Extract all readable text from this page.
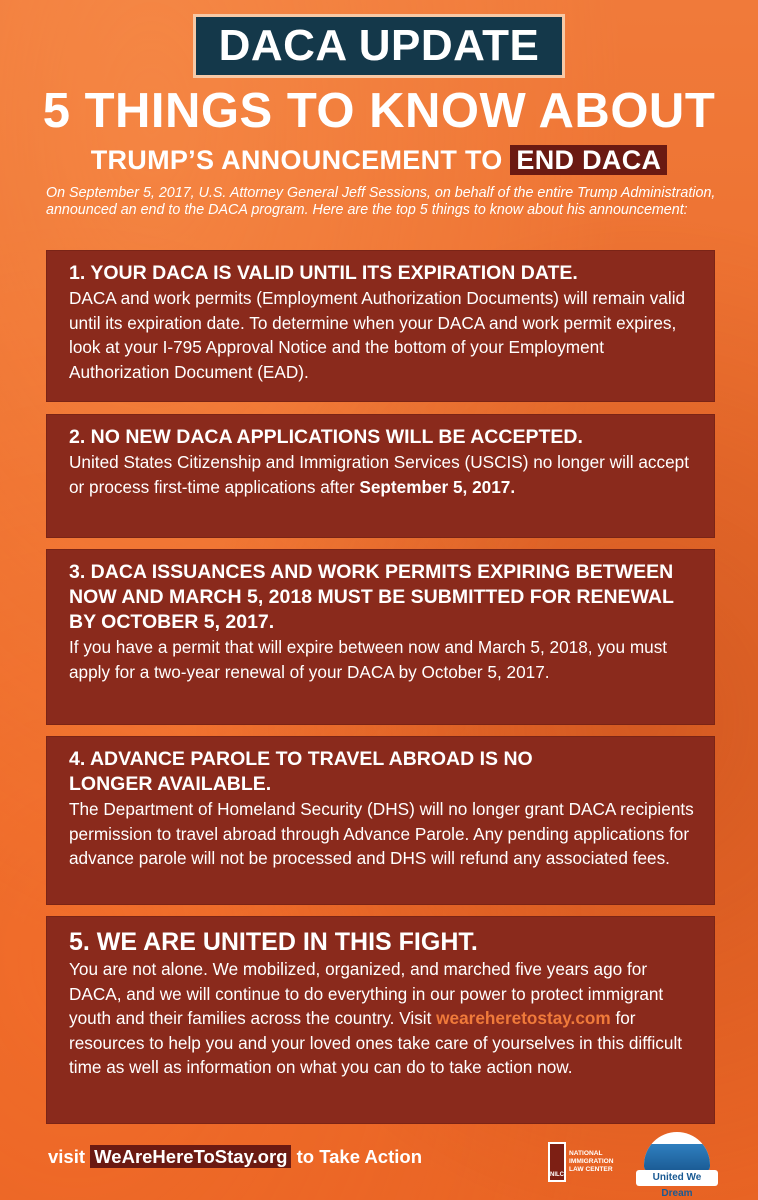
DACA UPDATE
5 THINGS TO KNOW ABOUT
TRUMP’S ANNOUNCEMENT TO END DACA
On September 5, 2017, U.S. Attorney General Jeff Sessions, on behalf of the entire Trump Administration, announced an end to the DACA program. Here are the top 5 things to know about his announcement:
1. YOUR DACA IS VALID UNTIL ITS EXPIRATION DATE.
DACA and work permits (Employment Authorization Documents) will remain valid until its expiration date. To determine when your DACA and work permit expires, look at your I-795 Approval Notice and the bottom of your Employment Authorization Document (EAD).
2. NO NEW DACA APPLICATIONS WILL BE ACCEPTED.
United States Citizenship and Immigration Services (USCIS) no longer will accept or process first-time applications after September 5, 2017.
3. DACA ISSUANCES AND WORK PERMITS EXPIRING BETWEEN NOW AND MARCH 5, 2018 MUST BE SUBMITTED FOR RENEWAL BY OCTOBER 5, 2017.
If you have a permit that will expire between now and March 5, 2018, you must apply for a two-year renewal of your DACA by October 5, 2017.
4. ADVANCE PAROLE TO TRAVEL ABROAD IS NO LONGER AVAILABLE.
The Department of Homeland Security (DHS) will no longer grant DACA recipients permission to travel abroad through Advance Parole. Any pending applications for advance parole will not be processed and DHS will refund any associated fees.
5. WE ARE UNITED IN THIS FIGHT.
You are not alone. We mobilized, organized, and marched five years ago for DACA, and we will continue to do everything in our power to protect immigrant youth and their families across the country. Visit weareheretostay.com for resources to help you and your loved ones take care of yourselves in this difficult time as well as information on what you can do to take action now.
visit WeAreHereToStay.org to Take Action
NILC
NATIONAL IMMIGRATION LAW CENTER
United We Dream
